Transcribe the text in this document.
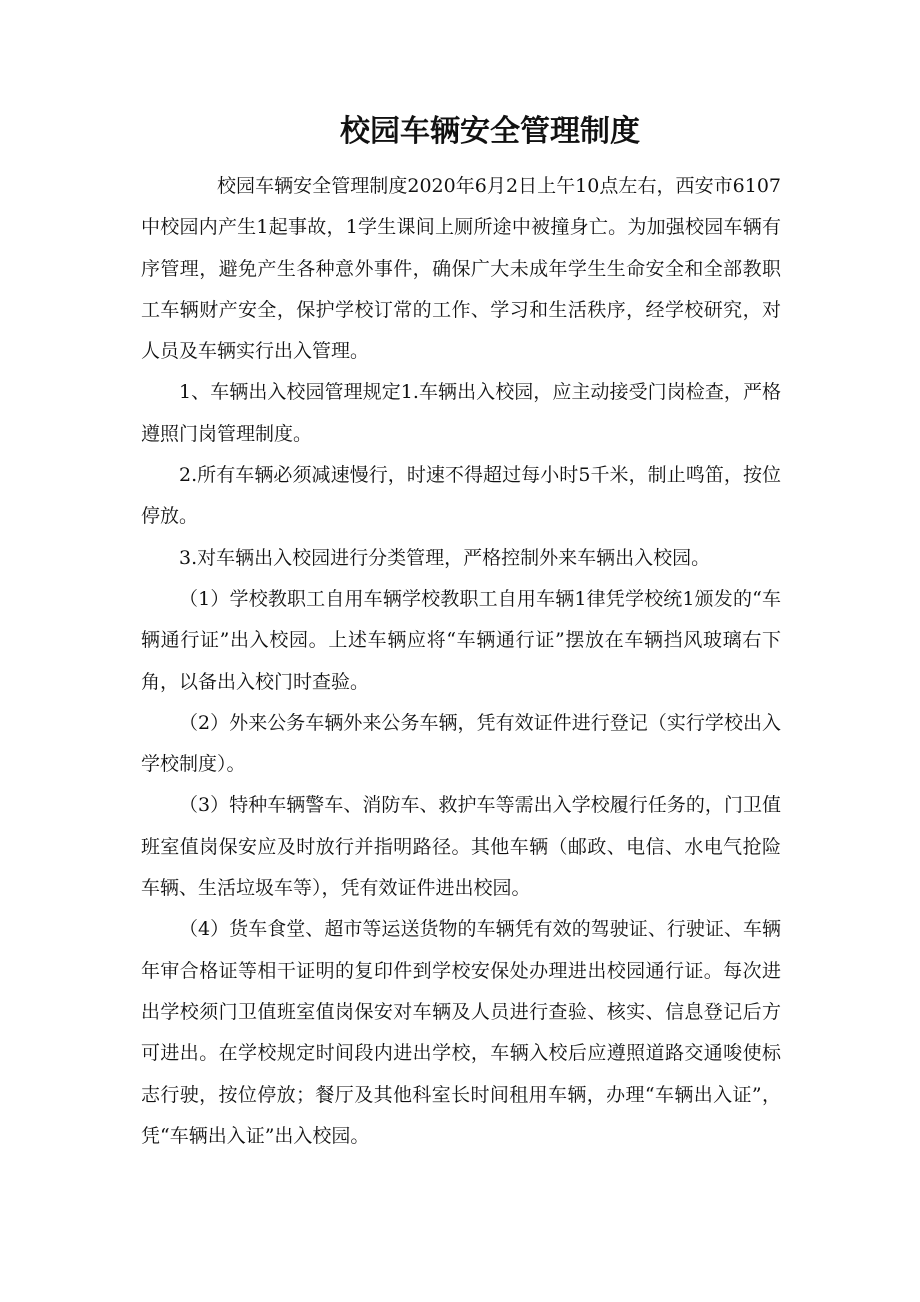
校园车辆安全管理制度

校园车辆安全管理制度2020年6月2日上午10点左右，西安市6107中校园内产生1起事故，1学生课间上厕所途中被撞身亡。为加强校园车辆有序管理，避免产生各种意外事件，确保广大未成年学生生命安全和全部教职工车辆财产安全，保护学校订常的工作、学习和生活秩序，经学校研究，对人员及车辆实行出入管理。

1、车辆出入校园管理规定1.车辆出入校园，应主动接受门岗检查，严格遵照门岗管理制度。

2.所有车辆必须减速慢行，时速不得超过每小时5千米，制止鸣笛，按位停放。

3.对车辆出入校园进行分类管理，严格控制外来车辆出入校园。

（1）学校教职工自用车辆学校教职工自用车辆1律凭学校统1颁发的“车辆通行证”出入校园。上述车辆应将“车辆通行证”摆放在车辆挡风玻璃右下角，以备出入校门时查验。

（2）外来公务车辆外来公务车辆，凭有效证件进行登记（实行学校出入学校制度）。

（3）特种车辆警车、消防车、救护车等需出入学校履行任务的，门卫值班室值岗保安应及时放行并指明路径。其他车辆（邮政、电信、水电气抢险车辆、生活垃圾车等），凭有效证件进出校园。

（4）货车食堂、超市等运送货物的车辆凭有效的驾驶证、行驶证、车辆年审合格证等相干证明的复印件到学校安保处办理进出校园通行证。每次进出学校须门卫值班室值岗保安对车辆及人员进行查验、核实、信息登记后方可进出。在学校规定时间段内进出学校，车辆入校后应遵照道路交通唆使标志行驶，按位停放；餐厅及其他科室长时间租用车辆，办理“车辆出入证”，凭“车辆出入证”出入校园。
